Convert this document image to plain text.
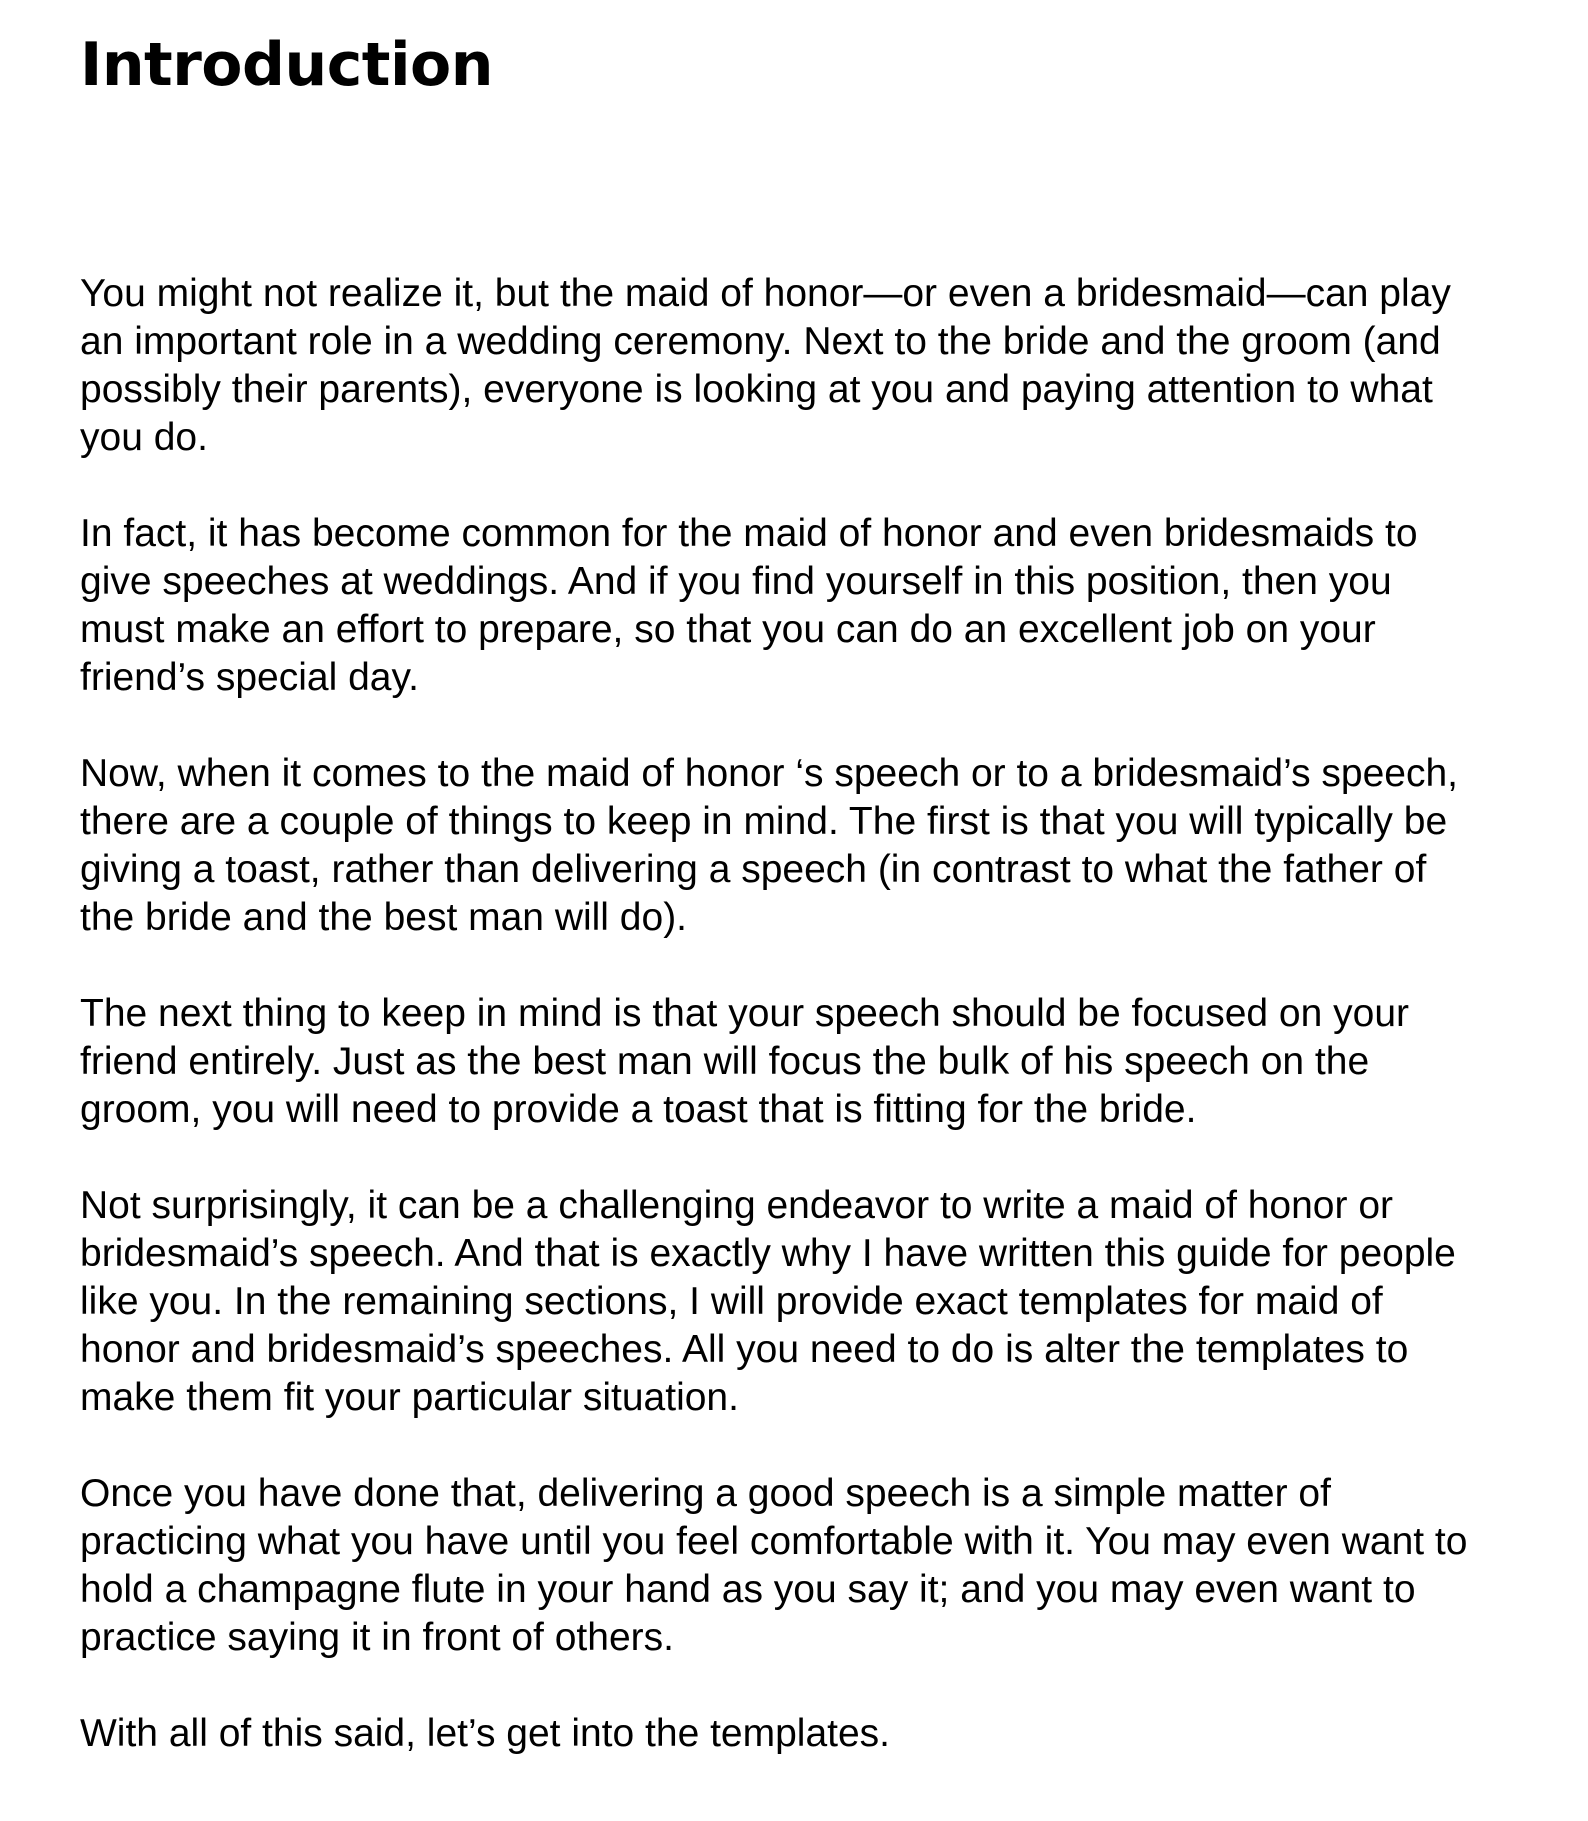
Introduction

You might not realize it, but the maid of honor—or even a bridesmaid—can play
an important role in a wedding ceremony. Next to the bride and the groom (and
possibly their parents), everyone is looking at you and paying attention to what
you do.

In fact, it has become common for the maid of honor and even bridesmaids to
give speeches at weddings. And if you find yourself in this position, then you
must make an effort to prepare, so that you can do an excellent job on your
friend’s special day.

Now, when it comes to the maid of honor ‘s speech or to a bridesmaid’s speech,
there are a couple of things to keep in mind. The first is that you will typically be
giving a toast, rather than delivering a speech (in contrast to what the father of
the bride and the best man will do).

The next thing to keep in mind is that your speech should be focused on your
friend entirely. Just as the best man will focus the bulk of his speech on the
groom, you will need to provide a toast that is fitting for the bride.

Not surprisingly, it can be a challenging endeavor to write a maid of honor or
bridesmaid’s speech. And that is exactly why I have written this guide for people
like you. In the remaining sections, I will provide exact templates for maid of
honor and bridesmaid’s speeches. All you need to do is alter the templates to
make them fit your particular situation.

Once you have done that, delivering a good speech is a simple matter of
practicing what you have until you feel comfortable with it. You may even want to
hold a champagne flute in your hand as you say it; and you may even want to
practice saying it in front of others.

With all of this said, let’s get into the templates.
